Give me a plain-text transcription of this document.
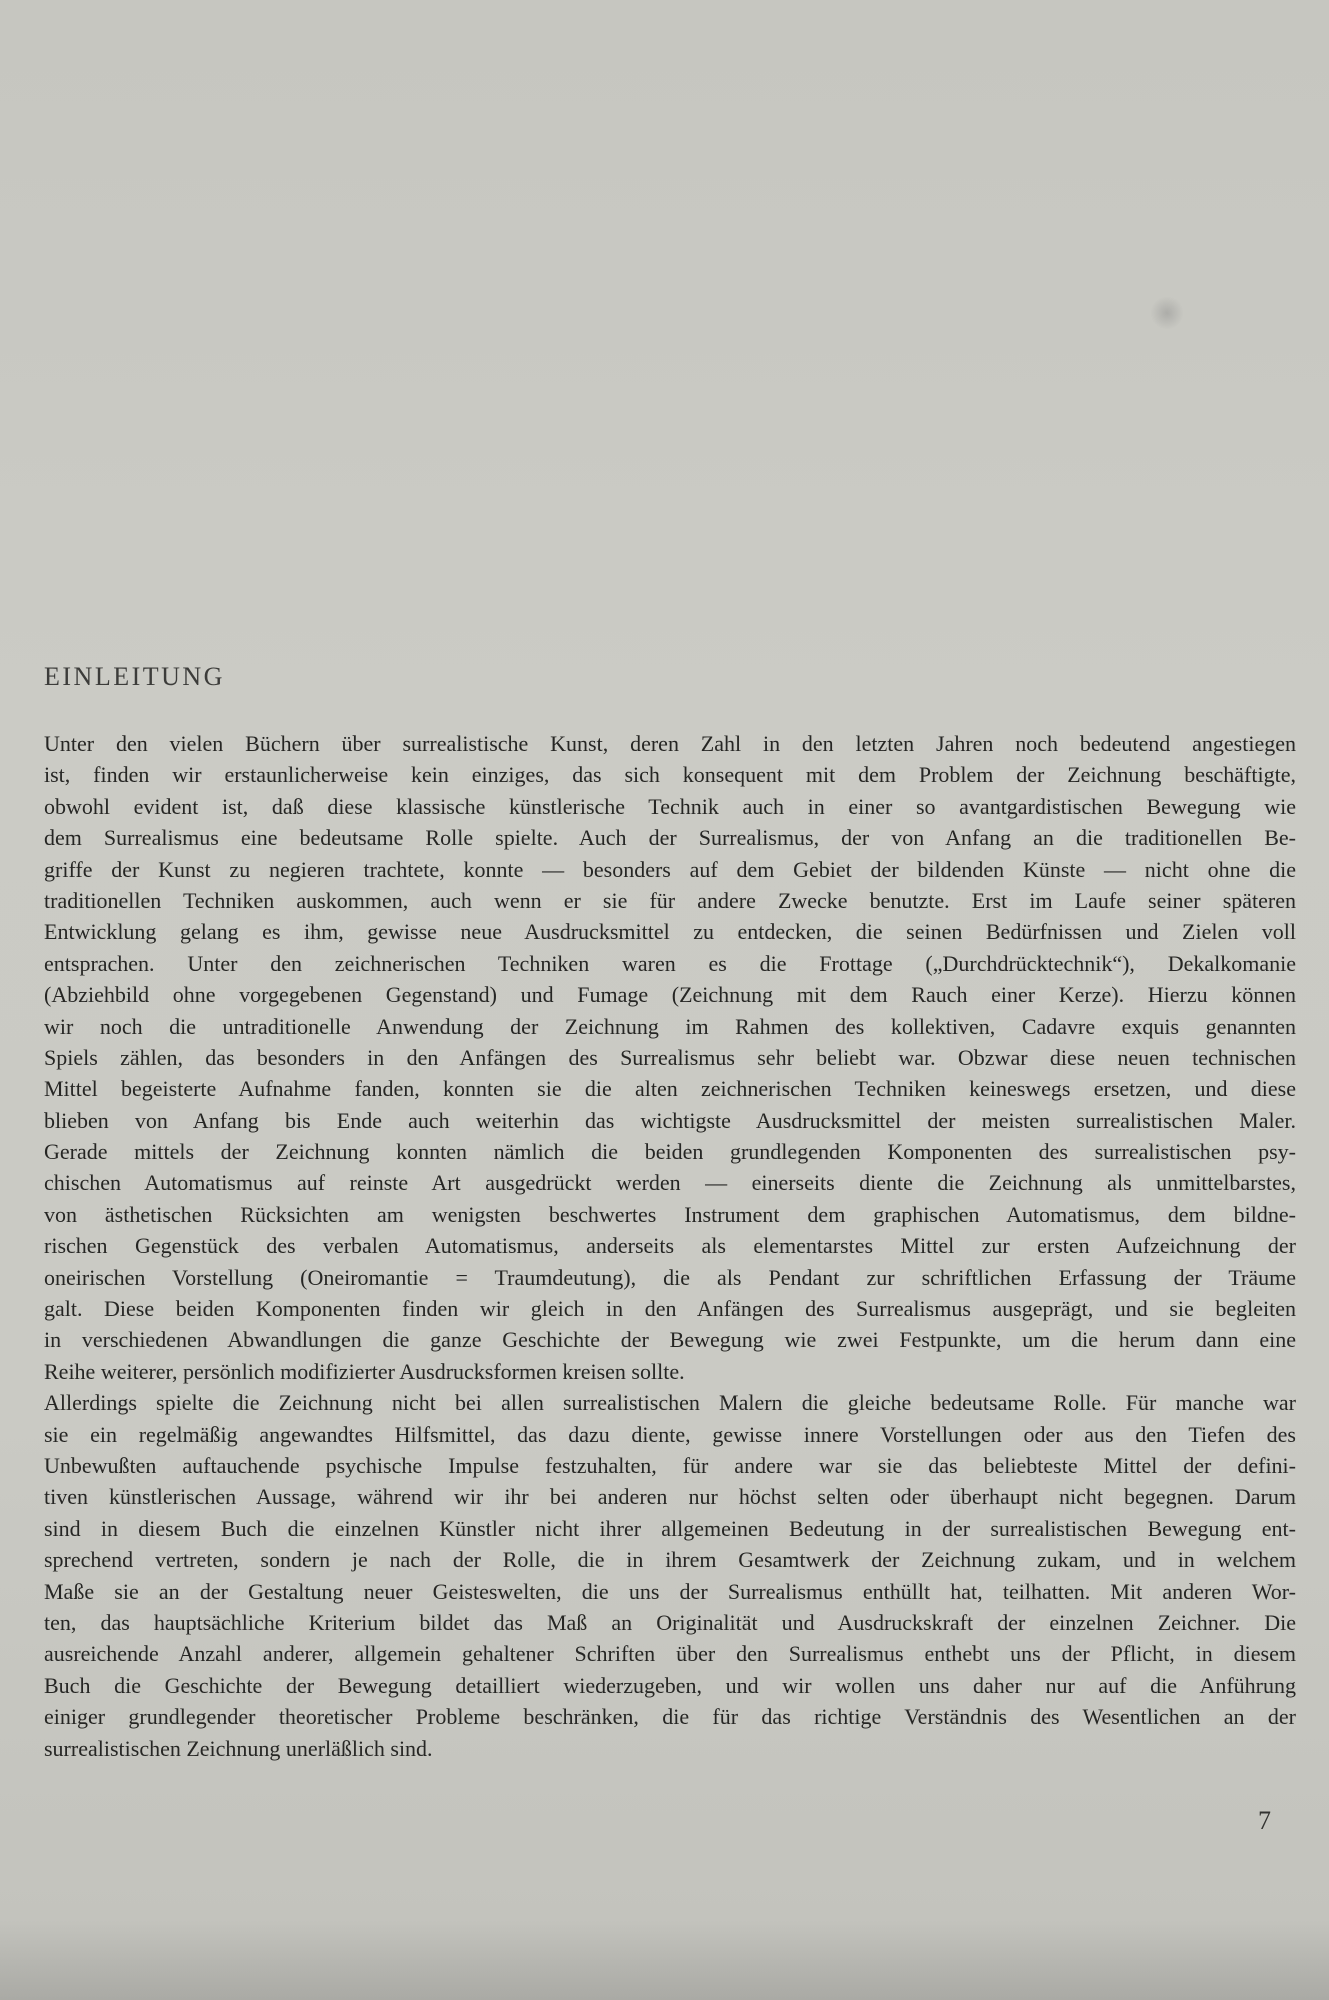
EINLEITUNG
Unter den vielen Büchern über surrealistische Kunst, deren Zahl in den letzten Jahren noch bedeutend angestiegen
ist, finden wir erstaunlicherweise kein einziges, das sich konsequent mit dem Problem der Zeichnung beschäftigte,
obwohl evident ist, daß diese klassische künstlerische Technik auch in einer so avantgardistischen Bewegung wie
dem Surrealismus eine bedeutsame Rolle spielte. Auch der Surrealismus, der von Anfang an die traditionellen Be-
griffe der Kunst zu negieren trachtete, konnte — besonders auf dem Gebiet der bildenden Künste — nicht ohne die
traditionellen Techniken auskommen, auch wenn er sie für andere Zwecke benutzte. Erst im Laufe seiner späteren
Entwicklung gelang es ihm, gewisse neue Ausdrucksmittel zu entdecken, die seinen Bedürfnissen und Zielen voll
entsprachen. Unter den zeichnerischen Techniken waren es die Frottage („Durchdrücktechnik“), Dekalkomanie
(Abziehbild ohne vorgegebenen Gegenstand) und Fumage (Zeichnung mit dem Rauch einer Kerze). Hierzu können
wir noch die untraditionelle Anwendung der Zeichnung im Rahmen des kollektiven, Cadavre exquis genannten
Spiels zählen, das besonders in den Anfängen des Surrealismus sehr beliebt war. Obzwar diese neuen technischen
Mittel begeisterte Aufnahme fanden, konnten sie die alten zeichnerischen Techniken keineswegs ersetzen, und diese
blieben von Anfang bis Ende auch weiterhin das wichtigste Ausdrucksmittel der meisten surrealistischen Maler.
Gerade mittels der Zeichnung konnten nämlich die beiden grundlegenden Komponenten des surrealistischen psy-
chischen Automatismus auf reinste Art ausgedrückt werden — einerseits diente die Zeichnung als unmittelbarstes,
von ästhetischen Rücksichten am wenigsten beschwertes Instrument dem graphischen Automatismus, dem bildne-
rischen Gegenstück des verbalen Automatismus, anderseits als elementarstes Mittel zur ersten Aufzeichnung der
oneirischen Vorstellung (Oneiromantie = Traumdeutung), die als Pendant zur schriftlichen Erfassung der Träume
galt. Diese beiden Komponenten finden wir gleich in den Anfängen des Surrealismus ausgeprägt, und sie begleiten
in verschiedenen Abwandlungen die ganze Geschichte der Bewegung wie zwei Festpunkte, um die herum dann eine
Reihe weiterer, persönlich modifizierter Ausdrucksformen kreisen sollte.
Allerdings spielte die Zeichnung nicht bei allen surrealistischen Malern die gleiche bedeutsame Rolle. Für manche war
sie ein regelmäßig angewandtes Hilfsmittel, das dazu diente, gewisse innere Vorstellungen oder aus den Tiefen des
Unbewußten auftauchende psychische Impulse festzuhalten, für andere war sie das beliebteste Mittel der defini-
tiven künstlerischen Aussage, während wir ihr bei anderen nur höchst selten oder überhaupt nicht begegnen. Darum
sind in diesem Buch die einzelnen Künstler nicht ihrer allgemeinen Bedeutung in der surrealistischen Bewegung ent-
sprechend vertreten, sondern je nach der Rolle, die in ihrem Gesamtwerk der Zeichnung zukam, und in welchem
Maße sie an der Gestaltung neuer Geisteswelten, die uns der Surrealismus enthüllt hat, teilhatten. Mit anderen Wor-
ten, das hauptsächliche Kriterium bildet das Maß an Originalität und Ausdruckskraft der einzelnen Zeichner. Die
ausreichende Anzahl anderer, allgemein gehaltener Schriften über den Surrealismus enthebt uns der Pflicht, in diesem
Buch die Geschichte der Bewegung detailliert wiederzugeben, und wir wollen uns daher nur auf die Anführung
einiger grundlegender theoretischer Probleme beschränken, die für das richtige Verständnis des Wesentlichen an der
surrealistischen Zeichnung unerläßlich sind.
7
